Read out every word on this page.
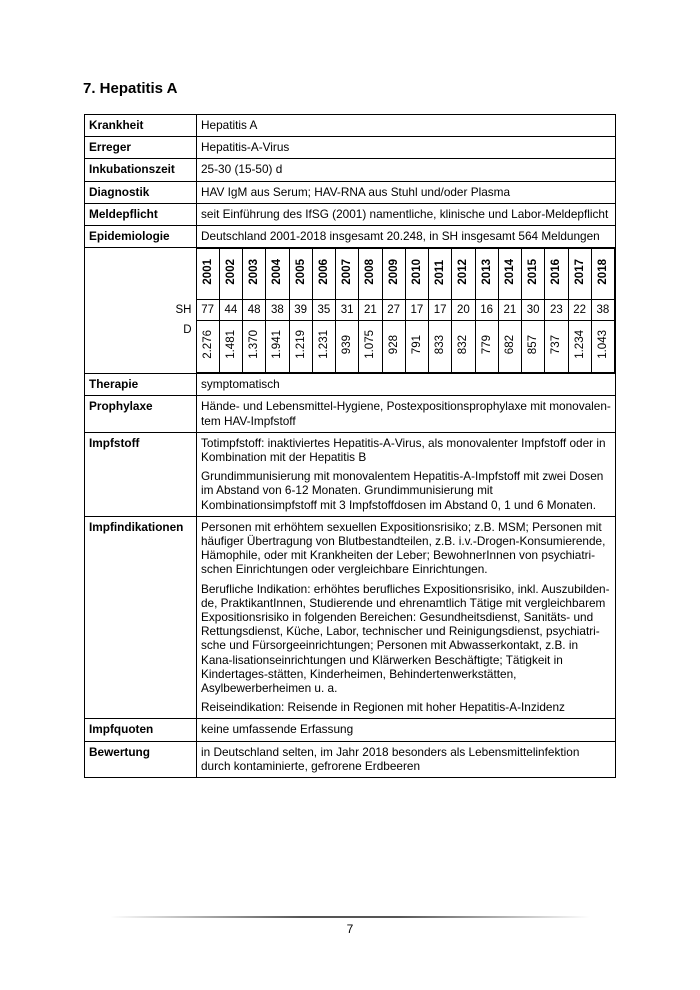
7. Hepatitis A
Krankheit	Hepatitis A
Erreger	Hepatitis-A-Virus
Inkubationszeit	25-30 (15-50) d
Diagnostik	HAV IgM aus Serum; HAV-RNA aus Stuhl und/oder Plasma
Meldepflicht	seit Einführung des IfSG (2001) namentliche, klinische und Labor-Meldepflicht
Epidemiologie	Deutschland 2001-2018 insgesamt 20.248, in SH insgesamt 564 Meldungen

	2001	2002	2003	2004	2005	2006	2007	2008	2009	2010	2011	2012	2013	2014	2015	2016	2017	2018
SH	77	44	48	38	39	35	31	21	27	17	17	20	16	21	30	23	22	38
D	2.276	1.481	1.370	1.941	1.219	1.231	939	1.075	928	791	833	832	779	682	857	737	1.234	1.043

Therapie	symptomatisch
Prophylaxe	Hände- und Lebensmittel-Hygiene, Postexpositionsprophylaxe mit monovalen-tem HAV-Impfstoff
Impfstoff	Totimpfstoff: inaktiviertes Hepatitis-A-Virus, als monovalenter Impfstoff oder in Kombination mit der Hepatitis B

Grundimmunisierung mit monovalentem Hepatitis-A-Impfstoff mit zwei Dosen im Abstand von 6-12 Monaten. Grundimmunisierung mit Kombinationsimpfstoff mit 3 Impfstoffdosen im Abstand 0, 1 und 6 Monaten.

Impfindikationen	Personen mit erhöhtem sexuellen Expositionsrisiko; z.B. MSM; Personen mit häufiger Übertragung von Blutbestandteilen, z.B. i.v.-Drogen-Konsumierende, Hämophile, oder mit Krankheiten der Leber; BewohnerInnen von psychiatri-schen Einrichtungen oder vergleichbare Einrichtungen.

Berufliche Indikation: erhöhtes berufliches Expositionsrisiko, inkl. Auszubilden-de, PraktikantInnen, Studierende und ehrenamtlich Tätige mit vergleichbarem Expositionsrisiko in folgenden Bereichen: Gesundheitsdienst, Sanitäts- und Rettungsdienst, Küche, Labor, technischer und Reinigungsdienst, psychiatri-sche und Fürsorgeeinrichtungen; Personen mit Abwasserkontakt, z.B. in Kana-lisationseinrichtungen und Klärwerken Beschäftigte; Tätigkeit in Kindertages-stätten, Kinderheimen, Behindertenwerkstätten, Asylbewerberheimen u. a.

Reiseindikation: Reisende in Regionen mit hoher Hepatitis-A-Inzidenz

Impfquoten	keine umfassende Erfassung
Bewertung	in Deutschland selten, im Jahr 2018 besonders als Lebensmittelinfektion durch kontaminierte, gefrorene Erdbeeren
7
